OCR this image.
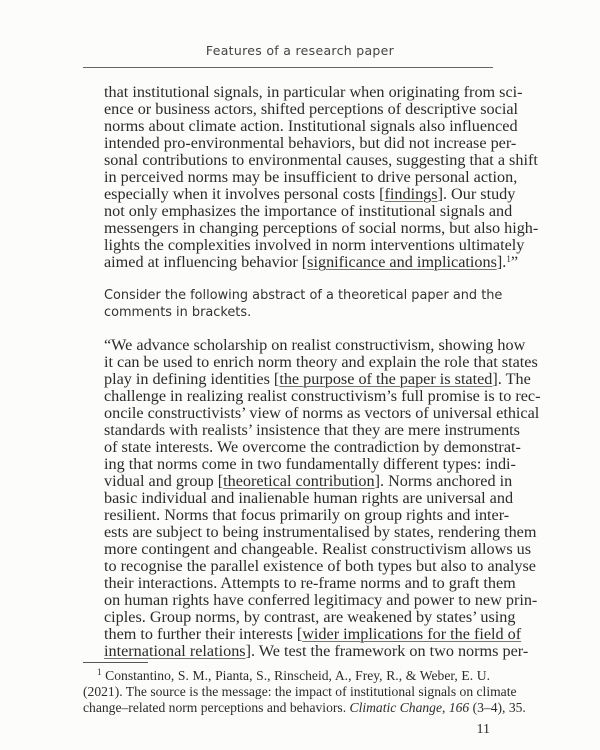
Features of a research paper
that institutional signals, in particular when originating from sci-
ence or business actors, shifted perceptions of descriptive social
norms about climate action. Institutional signals also influenced
intended pro-environmental behaviors, but did not increase per-
sonal contributions to environmental causes, suggesting that a shift
in perceived norms may be insufficient to drive personal action,
especially when it involves personal costs [findings]. Our study
not only emphasizes the importance of institutional signals and
messengers in changing perceptions of social norms, but also high-
lights the complexities involved in norm interventions ultimately
aimed at influencing behavior [significance and implications].$^1$”
Consider the following abstract of a theoretical paper and the
comments in brackets.
“We advance scholarship on realist constructivism, showing how
it can be used to enrich norm theory and explain the role that states
play in defining identities [the purpose of the paper is stated]. The
challenge in realizing realist constructivism’s full promise is to rec-
oncile constructivists’ view of norms as vectors of universal ethical
standards with realists’ insistence that they are mere instruments
of state interests. We overcome the contradiction by demonstrat-
ing that norms come in two fundamentally different types: indi-
vidual and group [theoretical contribution]. Norms anchored in
basic individual and inalienable human rights are universal and
resilient. Norms that focus primarily on group rights and inter-
ests are subject to being instrumentalised by states, rendering them
more contingent and changeable. Realist constructivism allows us
to recognise the parallel existence of both types but also to analyse
their interactions. Attempts to re-frame norms and to graft them
on human rights have conferred legitimacy and power to new prin-
ciples. Group norms, by contrast, are weakened by states’ using
them to further their interests [wider implications for the field of
international relations]. We test the framework on two norms per-
$^1$ Constantino, S. M., Pianta, S., Rinscheid, A., Frey, R., & Weber, E. U.
(2021). The source is the message: the impact of institutional signals on climate
change–related norm perceptions and behaviors. Climatic Change, 166 (3–4), 35.
11
